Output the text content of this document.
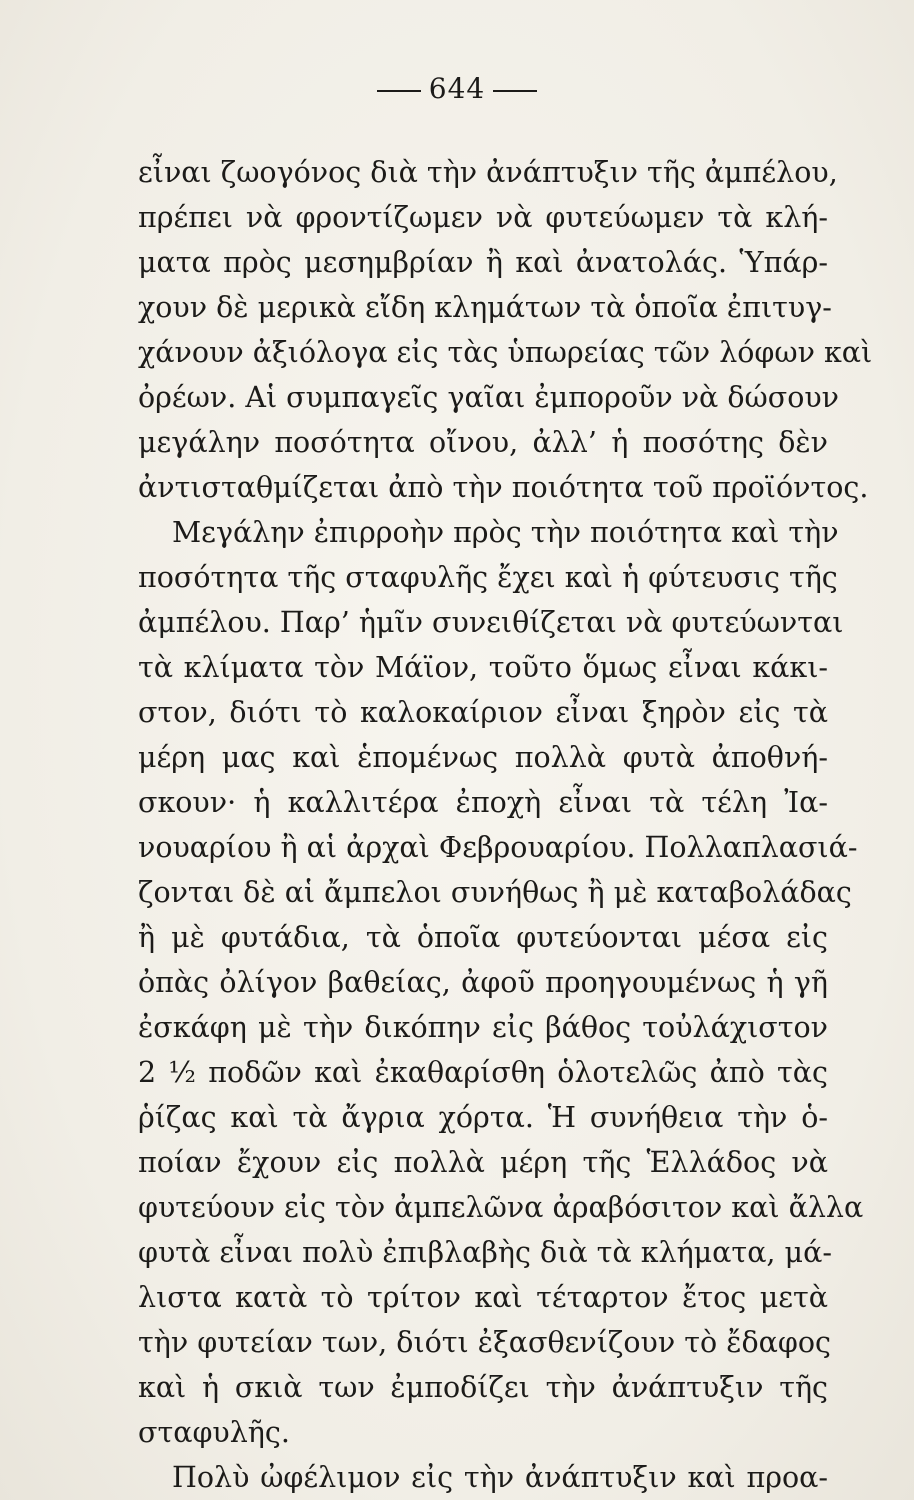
644
εἶναι ζωογόνος διὰ τὴν ἀνάπτυξιν τῆς ἀμπέλου,
πρέπει νὰ φροντίζωμεν νὰ φυτεύωμεν τὰ κλή-
ματα πρὸς μεσημβρίαν ἢ καὶ ἀνατολάς. Ὑπάρ-
χουν δὲ μερικὰ εἴδη κλημάτων τὰ ὁποῖα ἐπιτυγ-
χάνουν ἀξιόλογα εἰς τὰς ὑπωρείας τῶν λόφων καὶ
ὀρέων. Αἱ συμπαγεῖς γαῖαι ἐμποροῦν νὰ δώσουν
μεγάλην ποσότητα οἴνου, ἀλλ’ ἡ ποσότης δὲν
ἀντισταθμίζεται ἀπὸ τὴν ποιότητα τοῦ προϊόντος.
Μεγάλην ἐπιρροὴν πρὸς τὴν ποιότητα καὶ τὴν
ποσότητα τῆς σταφυλῆς ἔχει καὶ ἡ φύτευσις τῆς
ἀμπέλου. Παρ’ ἡμῖν συνειθίζεται νὰ φυτεύωνται
τὰ κλίματα τὸν Μάϊον, τοῦτο ὅμως εἶναι κάκι-
στον, διότι τὸ καλοκαίριον εἶναι ξηρὸν εἰς τὰ
μέρη μας καὶ ἑπομένως πολλὰ φυτὰ ἀποθνή-
σκουν· ἡ καλλιτέρα ἐποχὴ εἶναι τὰ τέλη Ἰα-
νουαρίου ἢ αἱ ἀρχαὶ Φεβρουαρίου. Πολλαπλασιά-
ζονται δὲ αἱ ἄμπελοι συνήθως ἢ μὲ καταβολάδας
ἢ μὲ φυτάδια, τὰ ὁποῖα φυτεύονται μέσα εἰς
ὀπὰς ὀλίγον βαθείας, ἀφοῦ προηγουμένως ἡ γῆ
ἐσκάφη μὲ τὴν δικόπην εἰς βάθος τοὐλάχιστον
2 ½ ποδῶν καὶ ἐκαθαρίσθη ὁλοτελῶς ἀπὸ τὰς
ῥίζας καὶ τὰ ἄγρια χόρτα. Ἡ συνήθεια τὴν ὁ-
ποίαν ἔχουν εἰς πολλὰ μέρη τῆς Ἑλλάδος νὰ
φυτεύουν εἰς τὸν ἀμπελῶνα ἀραβόσιτον καὶ ἄλλα
φυτὰ εἶναι πολὺ ἐπιβλαβὴς διὰ τὰ κλήματα, μά-
λιστα κατὰ τὸ τρίτον καὶ τέταρτον ἔτος μετὰ
τὴν φυτείαν των, διότι ἐξασθενίζουν τὸ ἔδαφος
καὶ ἡ σκιὰ των ἐμποδίζει τὴν ἀνάπτυξιν τῆς
σταφυλῆς.
Πολὺ ὠφέλιμον εἰς τὴν ἀνάπτυξιν καὶ προα-
